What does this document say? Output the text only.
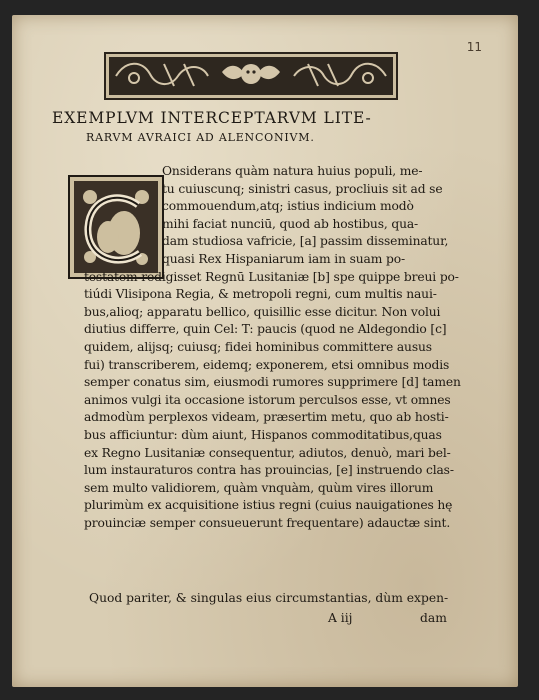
11
EXEMPLVM INTERCEPTARVM LITE-
RARVM AVRAICI AD ALENCONIVM.
Onsiderans quàm natura huius populi, me-
tu cuiuscunq; sinistri casus, procliuis sit ad se
commouendum,atq; istius indicium modò
mihi faciat nunciū, quod ab hostibus, qua-
dam studiosa vafricie, [a] passim disseminatur,
quasi Rex Hispaniarum iam in suam po-
testatem redigisset Regnū Lusitaniæ [b] spe quippe breui po-
tiúdi Vlisipona Regia, & metropoli regni, cum multis naui-
bus,alioq; apparatu bellico, quisillic esse dicitur. Non volui
diutius differre, quin Cel: T: paucis (quod ne Aldegondio [c]
quidem, alijsq; cuiusq; fidei hominibus committere ausus
fui) transcriberem, eidemq; exponerem, etsi omnibus modis
semper conatus sim, eiusmodi rumores supprimere [d] tamen
animos vulgi ita occasione istorum perculsos esse, vt omnes
admodùm perplexos videam, præsertim metu, quo ab hosti-
bus afficiuntur: dùm aiunt, Hispanos commoditatibus,quas
ex Regno Lusitaniæ consequentur, adiutos, denuò, mari bel-
lum instauraturos contra has prouincias, [e] instruendo clas-
sem multo validiorem, quàm vnquàm, quùm vires illorum
plurimùm ex acquisitione istius regni (cuius nauigationes hę
prouinciæ semper consueuerunt frequentare) adauctæ sint.
Quod pariter, & singulas eius circumstantias, dùm expen-
A iij	dam
